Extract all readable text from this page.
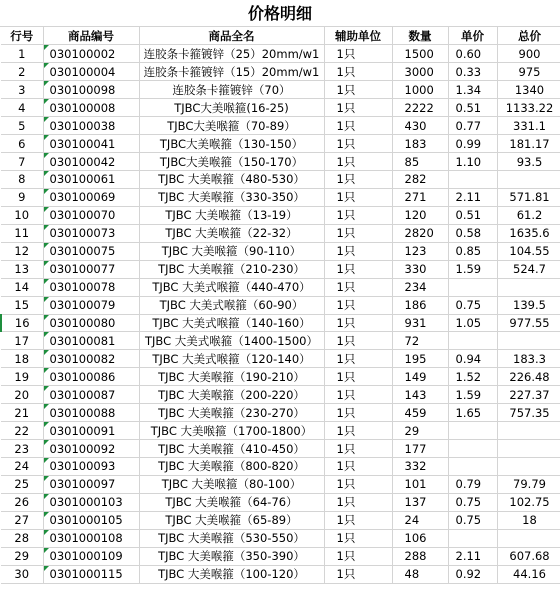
价格明细
行号	商品编号	商品全名	辅助单位	数量	单价	总价
1	030100002	连胶条卡箍镀锌（25）20mm/w1	1只	1500	0.60	900
2	030100004	连胶条卡箍镀锌（15）20mm/w1	1只	3000	0.33	975
3	030100098	连胶条卡箍镀锌（70）	1只	1000	1.34	1340
4	030100008	TJBC大美喉箍(16-25)	1只	2222	0.51	1133.22
5	030100038	TJBC大美喉箍（70-89）	1只	430	0.77	331.1
6	030100041	TJBC大美喉箍（130-150）	1只	183	0.99	181.17
7	030100042	TJBC大美喉箍（150-170）	1只	85	1.10	93.5
8	030100061	TJBC 大美喉箍（480-530）	1只	282		
9	030100069	TJBC 大美喉箍（330-350）	1只	271	2.11	571.81
10	030100070	TJBC 大美喉箍（13-19）	1只	120	0.51	61.2
11	030100073	TJBC 大美喉箍（22-32）	1只	2820	0.58	1635.6
12	030100075	TJBC 大美喉箍（90-110）	1只	123	0.85	104.55
13	030100077	TJBC 大美喉箍（210-230）	1只	330	1.59	524.7
14	030100078	TJBC 大美式喉箍（440-470）	1只	234		
15	030100079	TJBC 大美式喉箍（60-90）	1只	186	0.75	139.5
16	030100080	TJBC 大美式喉箍（140-160）	1只	931	1.05	977.55
17	030100081	TJBC 大美式喉箍（1400-1500）	1只	72		
18	030100082	TJBC 大美式喉箍（120-140）	1只	195	0.94	183.3
19	030100086	TJBC 大美喉箍（190-210）	1只	149	1.52	226.48
20	030100087	TJBC 大美喉箍（200-220）	1只	143	1.59	227.37
21	030100088	TJBC 大美喉箍（230-270）	1只	459	1.65	757.35
22	030100091	TJBC 大美喉箍（1700-1800）	1只	29		
23	030100092	TJBC 大美喉箍（410-450）	1只	177		
24	030100093	TJBC 大美喉箍（800-820）	1只	332		
25	030100097	TJBC 大美喉箍（80-100）	1只	101	0.79	79.79
26	0301000103	TJBC 大美喉箍（64-76）	1只	137	0.75	102.75
27	0301000105	TJBC 大美喉箍（65-89）	1只	24	0.75	18
28	0301000108	TJBC 大美喉箍（530-550）	1只	106		
29	0301000109	TJBC 大美喉箍（350-390）	1只	288	2.11	607.68
30	0301000115	TJBC 大美喉箍（100-120）	1只	48	0.92	44.16
